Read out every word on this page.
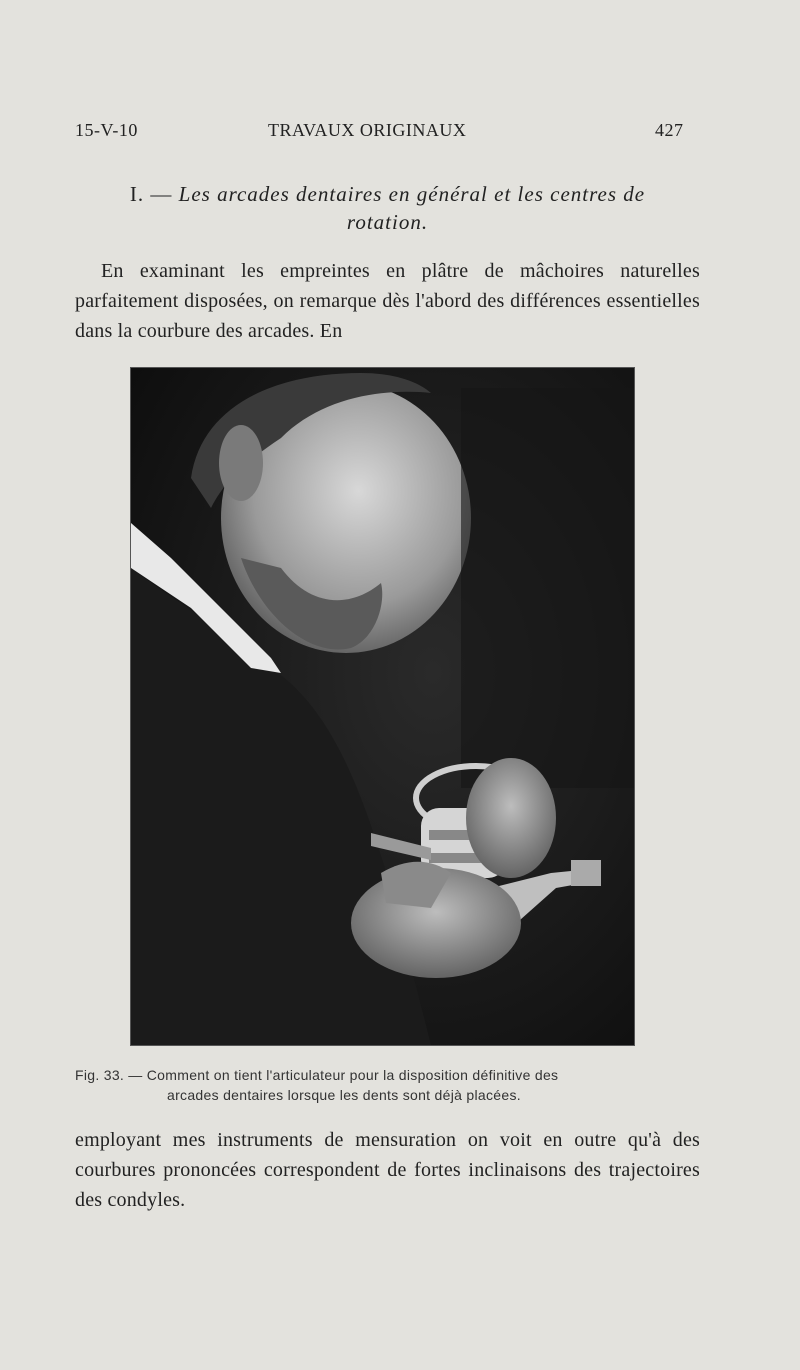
15-V-10	TRAVAUX ORIGINAUX	427
I. — Les arcades dentaires en général et les centres de
rotation.
En examinant les empreintes en plâtre de mâchoires naturelles parfaitement disposées, on remarque dès l'abord des différences essentielles dans la courbure des arcades. En
Fig. 33. — Comment on tient l'articulateur pour la disposition définitive des
arcades dentaires lorsque les dents sont déjà placées.
employant mes instruments de mensuration on voit en outre qu'à des courbures prononcées correspondent de fortes inclinaisons des trajectoires des condyles.
